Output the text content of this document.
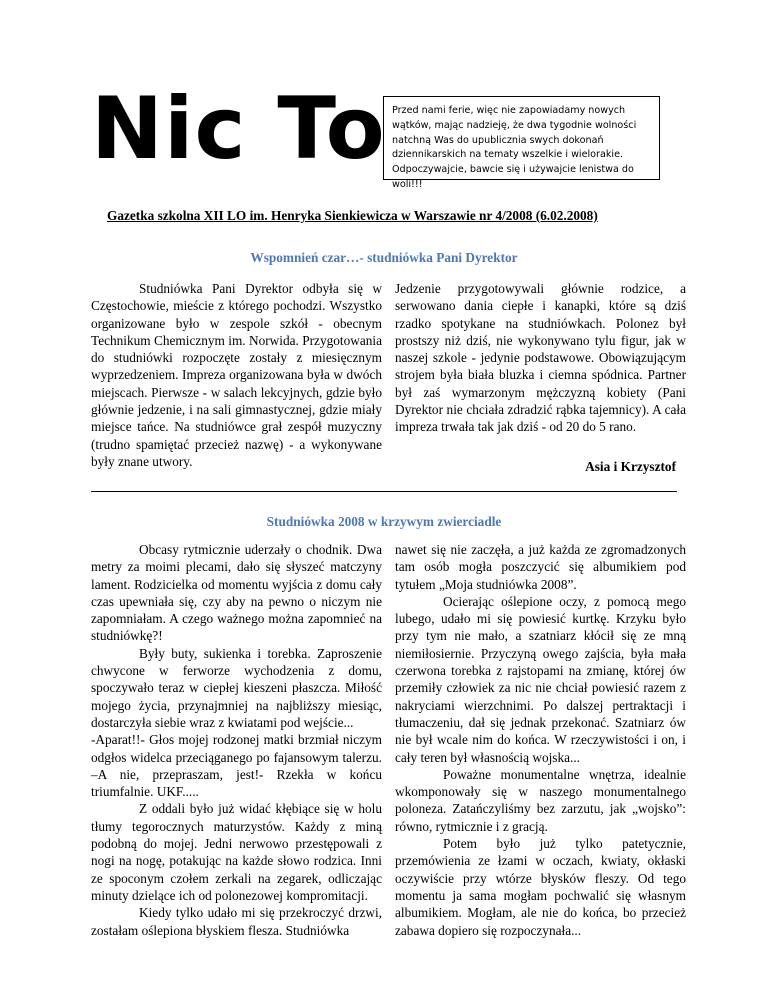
Nic To Przed nami ferie, więc nie zapowiadamy nowych wątków, mając nadzieję, że dwa tygodnie wolności natchną Was do upublicznia swych dokonań dziennikarskich na tematy wszelkie i wielorakie. Odpoczywajcie, bawcie się i używajcie lenistwa do woli!!!

Gazetka szkolna XII LO im. Henryka Sienkiewicza w Warszawie nr 4/2008 (6.02.2008)

Wspomnień czar…- studniówka Pani Dyrektor

Studniówka Pani Dyrektor odbyła się w Częstochowie, mieście z którego pochodzi. Wszystko organizowane było w zespole szkół - obecnym Technikum Chemicznym im. Norwida. Przygotowania do studniówki rozpoczęte zostały z miesięcznym wyprzedzeniem. Impreza organizowana była w dwóch miejscach. Pierwsze - w salach lekcyjnych, gdzie było głównie jedzenie, i na sali gimnastycznej, gdzie miały miejsce tańce. Na studniówce grał zespół muzyczny (trudno spamiętać przecież nazwę) - a wykonywane były znane utwory.

Jedzenie przygotowywali głównie rodzice, a serwowano dania ciepłe i kanapki, które są dziś rzadko spotykane na studniówkach. Polonez był prostszy niż dziś, nie wykonywano tylu figur, jak w naszej szkole - jedynie podstawowe. Obowiązującym strojem była biała bluzka i ciemna spódnica. Partner był zaś wymarzonym mężczyzną kobiety (Pani Dyrektor nie chciała zdradzić rąbka tajemnicy). A cała impreza trwała tak jak dziś - od 20 do 5 rano.

Asia i Krzysztof

Studniówka 2008 w krzywym zwierciadle

Obcasy rytmicznie uderzały o chodnik. Dwa metry za moimi plecami, dało się słyszeć matczyny lament. Rodzicielka od momentu wyjścia z domu cały czas upewniała się, czy aby na pewno o niczym nie zapomniałam. A czego ważnego można zapomnieć na studniówkę?!

Były buty, sukienka i torebka. Zaproszenie chwycone w ferworze wychodzenia z domu, spoczywało teraz w ciepłej kieszeni płaszcza. Miłość mojego życia, przynajmniej na najbliższy miesiąc, dostarczyła siebie wraz z kwiatami pod wejście...

-Aparat!!- Głos mojej rodzonej matki brzmiał niczym odgłos widelca przeciąganego po fajansowym talerzu. –A nie, przepraszam, jest!- Rzekła w końcu triumfalnie. UKF.....

Z oddali było już widać kłębiące się w holu tłumy tegorocznych maturzystów. Każdy z miną podobną do mojej. Jedni nerwowo przestępowali z nogi na nogę, potakując na każde słowo rodzica. Inni ze spoconym czołem zerkali na zegarek, odliczając minuty dzielące ich od polonezowej kompromitacji.

Kiedy tylko udało mi się przekroczyć drzwi, zostałam oślepiona błyskiem flesza. Studniówka

nawet się nie zaczęła, a już każda ze zgromadzonych tam osób mogła poszczycić się albumikiem pod tytułem „Moja studniówka 2008”.

Ocierając oślepione oczy, z pomocą mego lubego, udało mi się powiesić kurtkę. Krzyku było przy tym nie mało, a szatniarz kłócił się ze mną niemiłosiernie. Przyczyną owego zajścia, była mała czerwona torebka z rajstopami na zmianę, której ów przemiły człowiek za nic nie chciał powiesić razem z nakryciami wierzchnimi. Po dalszej pertraktacji i tłumaczeniu, dał się jednak przekonać. Szatniarz ów nie był wcale nim do końca. W rzeczywistości i on, i cały teren był własnością wojska...

Poważne monumentalne wnętrza, idealnie wkomponowały się w naszego monumentalnego poloneza. Zatańczyliśmy bez zarzutu, jak „wojsko”: równo, rytmicznie i z gracją.

Potem było już tylko patetycznie, przemówienia ze łzami w oczach, kwiaty, okłaski oczywiście przy wtórze błysków fleszy. Od tego momentu ja sama mogłam pochwalić się własnym albumikiem. Mogłam, ale nie do końca, bo przecież zabawa dopiero się rozpoczynała...
